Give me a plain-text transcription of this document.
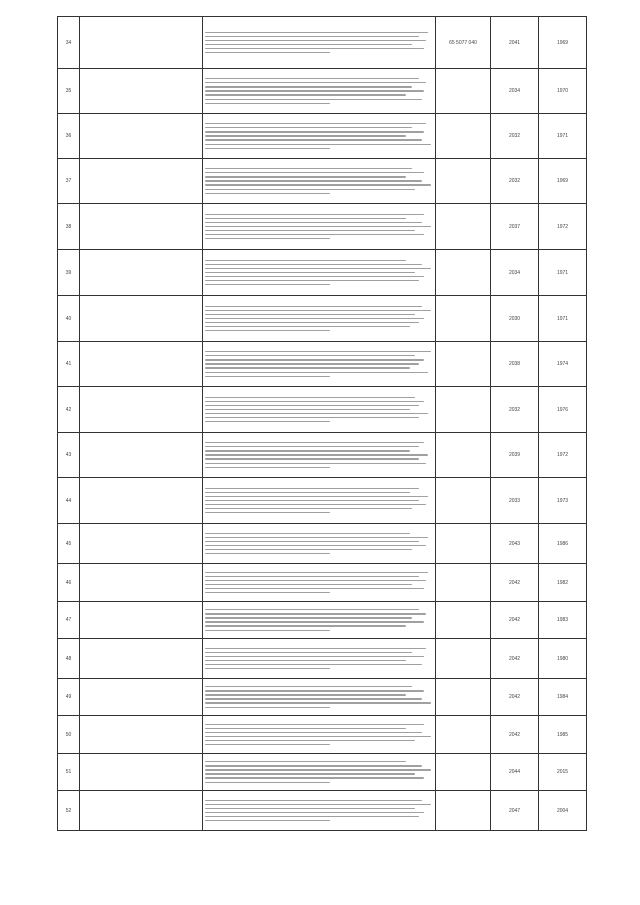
34			65 5077 040	2041	1969
35				2034	1970
36				2032	1971
37				2032	1969
38				2037	1972
39				2034	1971
40				2030	1971
41				2038	1974
42				2032	1976
43				2039	1972
44				2033	1973
45				2043	1986
46				2042	1982
47				2042	1983
48				2042	1980
49				2042	1984
50				2042	1985
51				2044	2015
52				2047	2004
